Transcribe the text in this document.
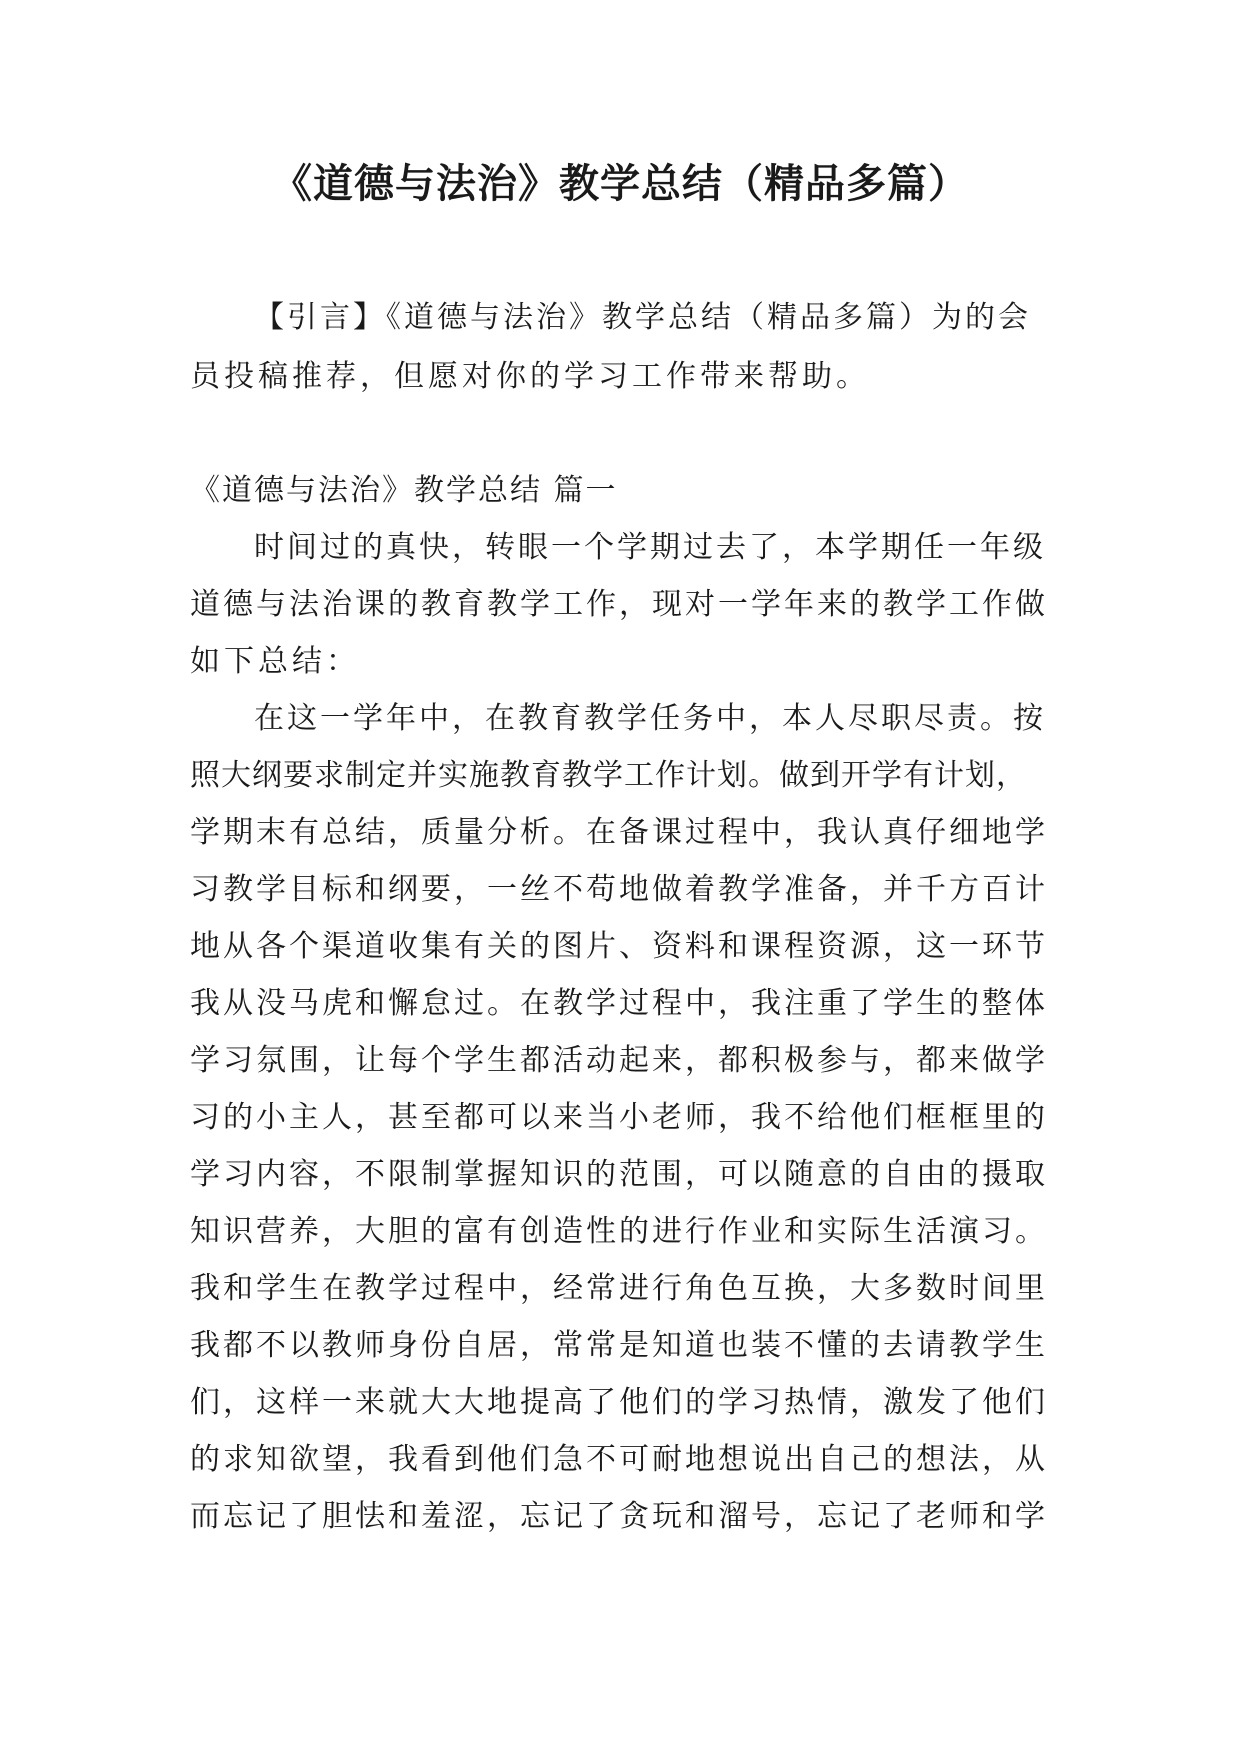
《道德与法治》教学总结（精品多篇）
【引言】《道德与法治》教学总结（精品多篇）为的会
员投稿推荐，但愿对你的学习工作带来帮助。
《道德与法治》教学总结 篇一
时间过的真快，转眼一个学期过去了，本学期任一年级
道德与法治课的教育教学工作，现对一学年来的教学工作做
如下总结：
在这一学年中，在教育教学任务中，本人尽职尽责。按
照大纲要求制定并实施教育教学工作计划。做到开学有计划，
学期末有总结，质量分析。在备课过程中，我认真仔细地学
习教学目标和纲要，一丝不苟地做着教学准备，并千方百计
地从各个渠道收集有关的图片、资料和课程资源，这一环节
我从没马虎和懈怠过。在教学过程中，我注重了学生的整体
学习氛围，让每个学生都活动起来，都积极参与，都来做学
习的小主人，甚至都可以来当小老师，我不给他们框框里的
学习内容，不限制掌握知识的范围，可以随意的自由的摄取
知识营养，大胆的富有创造性的进行作业和实际生活演习。
我和学生在教学过程中，经常进行角色互换，大多数时间里
我都不以教师身份自居，常常是知道也装不懂的去请教学生
们，这样一来就大大地提高了他们的学习热情，激发了他们
的求知欲望，我看到他们急不可耐地想说出自己的想法，从
而忘记了胆怯和羞涩，忘记了贪玩和溜号，忘记了老师和学
